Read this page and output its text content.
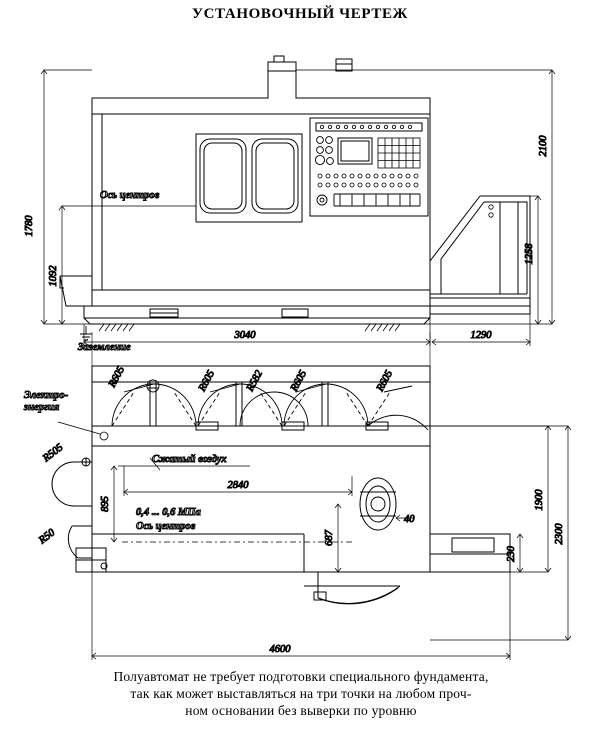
УСТАНОВОЧНЫЙ ЧЕРТЕЖ
Ось центров
Заземление
1780
1092
2100
1258
3040	1290
R605	R605	R582 R605	R605
R505
R50
Электро-
энергия
Сжатый воздух
0,4 ... 0,6 МПа
Ось центров	2300
1900
230
895
2840
687
40
4600
Полуавтомат не требует подготовки специального фундамента,
так как может выставляться на три точки на любом проч-
ном основании без выверки по уровню
